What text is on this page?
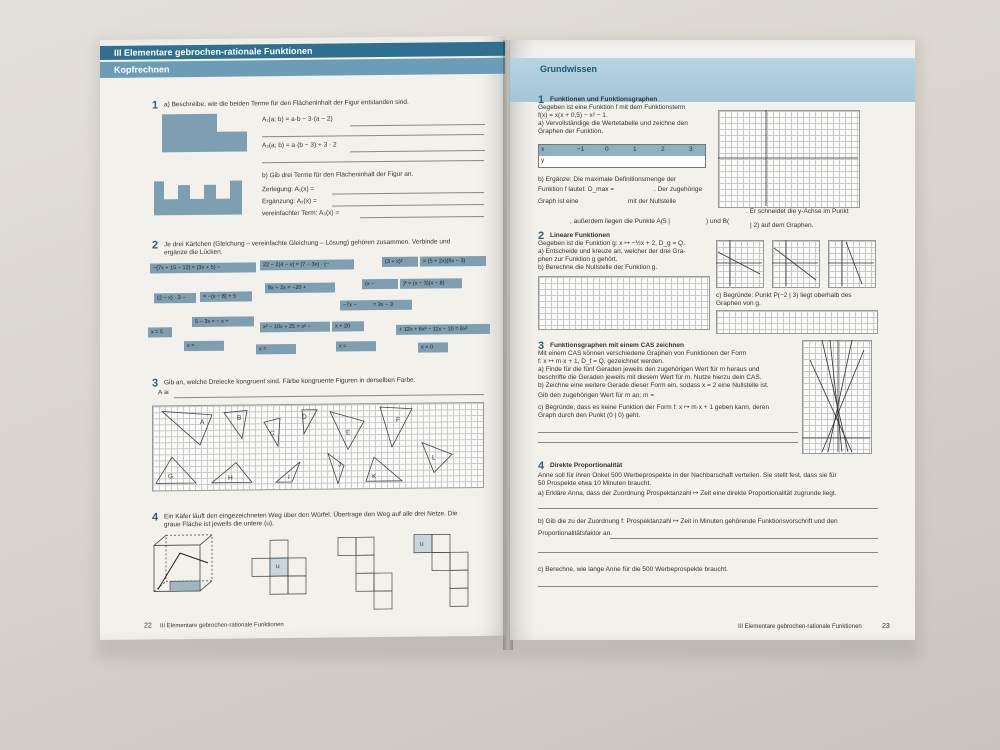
III Elementare gebrochen-rationale Funktionen
Kopfrechnen
1 a) Beschreibe, wie die beiden Terme für den Flächeninhalt der Figur entstanden sind.
A₁(a; b) = a·b − 3·(a − 2)
A₂(a; b) = a·(b − 3) + 3 · 2
b) Gib drei Terme für den Flächeninhalt der Figur an.
Zerlegung: A₁(x) =
Ergänzung: A₂(x) =
vereinfachter Term: A₃(x) =
2 Je drei Kärtchen (Gleichung – vereinfachte Gleichung – Lösung) gehören zusammen. Verbinde und
ergänze die Lücken.
−(7x + 15 − 12) = (3x + 5) −	22 − 2(4 − x) = (7 − 3x) · (−	(3 + x)² ·	= (5 + 2x)(9x − 3)
(2 − x) · 3 −	= −(x − 8) + 5
9x + 2x = −20 +
(x −	)² = (x − 3)(x − 8)
−7x −	= 3x − 3
5 − 3x = − x +
x = 5
x² − 10x + 25 = x² −	x + 20	+ 12x + 6x² − 11x − 10 = 6x²
x =
x =	x =	x = 0
3 Gib an, welche Dreiecke kongruent sind. Färbe kongruente Figuren in derselben Farbe.
A ≅
A
B
C
D
E
F
G	H	I
J
K
L
4 Ein Käfer läuft den eingezeichneten Weg über den Würfel. Übertrage den Weg auf alle drei Netze. Die
graue Fläche ist jeweils die untere (u).
u
u
22 III Elementare gebrochen-rationale Funktionen
Grundwissen
1 Funktionen und Funktionsgraphen
Gegeben ist eine Funktion f mit dem Funktionsterm
f(x) = x(x + 0,5) − x² − 1.
a) Vervollständige die Wertetabelle und zeichne den
Graphen der Funktion.
x	−1	0	1	2	3
y
b) Ergänze: Die maximale Definitionsmenge der
Funktion f lautet: D_max =	. Der zugehörige
Graph ist eine	mit der Nullstelle
. Er schneidet die y-Achse im Punkt
, außerdem liegen die Punkte A(5 |	) und B(
| 2) auf dem Graphen.
2 Lineare Funktionen
Gegeben ist die Funktion g: x ↦ −½x + 2, D_g = Q.
a) Entscheide und kreuze an, welcher der drei Gra-
phen zur Funktion g gehört.
b) Berechne die Nullstelle der Funktion g.
c) Begründe: Punkt P(−2 | 3) liegt oberhalb des
Graphen von g.
3 Funktionsgraphen mit einem CAS zeichnen
Mit einem CAS können verschiedene Graphen von Funktionen der Form
f: x ↦ m·x + 1, D_f = Q, gezeichnet werden.
a) Finde für die fünf Geraden jeweils den zugehörigen Wert für m heraus und
beschrifte die Geraden jeweils mit diesem Wert für m. Nutze hierzu dein CAS.
b) Zeichne eine weitere Gerade dieser Form ein, sodass x = 2 eine Nullstelle ist.
Gib den zugehörigen Wert für m an: m =
c) Begründe, dass es keine Funktion der Form f: x ↦ m·x + 1 geben kann, deren
Graph durch den Punkt (0 | 0) geht.
4 Direkte Proportionalität
Anne soll für ihren Onkel 500 Werbeprospekte in der Nachbarschaft verteilen. Sie stellt fest, dass sie für
50 Prospekte etwa 10 Minuten braucht.
a) Erkläre Anna, dass der Zuordnung Prospektanzahl ↦ Zeit eine direkte Proportionalität zugrunde liegt.
b) Gib die zu der Zuordnung f: Prospektanzahl ↦ Zeit in Minuten gehörende Funktionsvorschrift und den
Proportionalitätsfaktor an.
c) Berechne, wie lange Anne für die 500 Werbeprospekte braucht.
III Elementare gebrochen-rationale Funktionen	23
